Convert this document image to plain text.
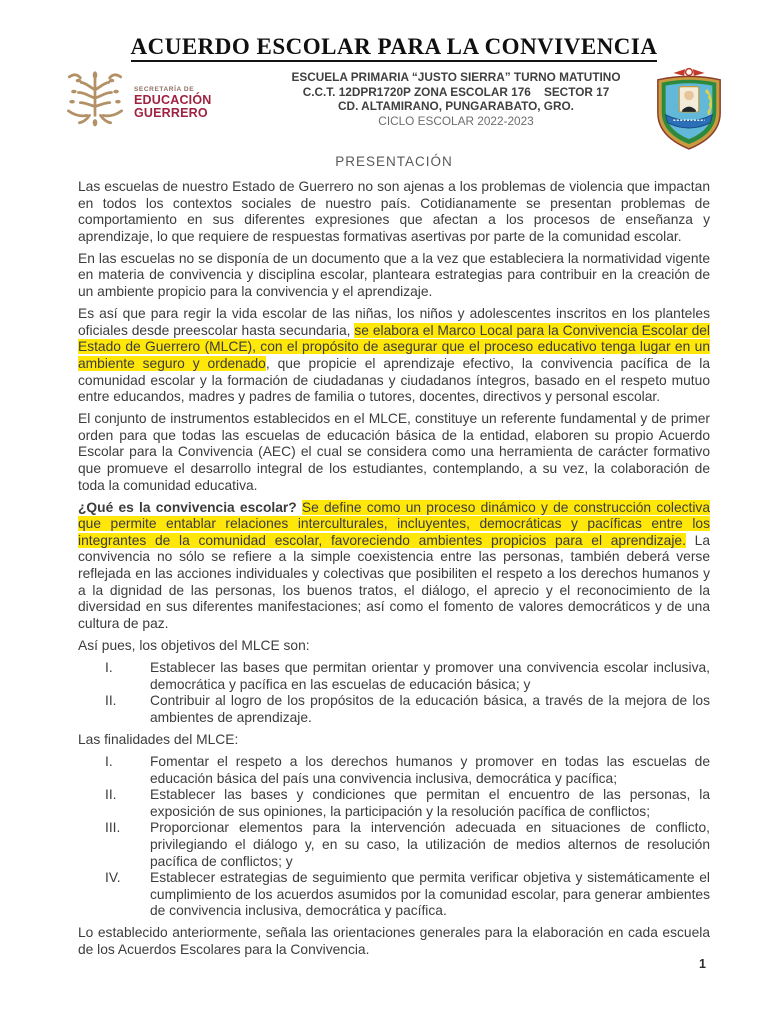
ACUERDO ESCOLAR PARA LA CONVIVENCIA
SECRETARÍA DE
EDUCACIÓN
GUERRERO
ESCUELA PRIMARIA “JUSTO SIERRA” TURNO MATUTINO
C.C.T. 12DPR1720P ZONA ESCOLAR 176    SECTOR 17
CD. ALTAMIRANO, PUNGARABATO, GRO.
CICLO ESCOLAR 2022-2023
PRESENTACIÓN

Las escuelas de nuestro Estado de Guerrero no son ajenas a los problemas de violencia que impactan en todos los contextos sociales de nuestro país. Cotidianamente se presentan problemas de comportamiento en sus diferentes expresiones que afectan a los procesos de enseñanza y aprendizaje, lo que requiere de respuestas formativas asertivas por parte de la comunidad escolar.

En las escuelas no se disponía de un documento que a la vez que estableciera la normatividad vigente en materia de convivencia y disciplina escolar, planteara estrategias para contribuir en la creación de un ambiente propicio para la convivencia y el aprendizaje.

Es así que para regir la vida escolar de las niñas, los niños y adolescentes inscritos en los planteles oficiales desde preescolar hasta secundaria, se elabora el Marco Local para la Convivencia Escolar del Estado de Guerrero (MLCE), con el propósito de asegurar que el proceso educativo tenga lugar en un ambiente seguro y ordenado, que propicie el aprendizaje efectivo, la convivencia pacífica de la comunidad escolar y la formación de ciudadanas y ciudadanos íntegros, basado en el respeto mutuo entre educandos, madres y padres de familia o tutores, docentes, directivos y personal escolar.

El conjunto de instrumentos establecidos en el MLCE, constituye un referente fundamental y de primer orden para que todas las escuelas de educación básica de la entidad, elaboren su propio Acuerdo Escolar para la Convivencia (AEC) el cual se considera como una herramienta de carácter formativo que promueve el desarrollo integral de los estudiantes, contemplando, a su vez, la colaboración de toda la comunidad educativa.

¿Qué es la convivencia escolar? Se define como un proceso dinámico y de construcción colectiva que permite entablar relaciones interculturales, incluyentes, democráticas y pacíficas entre los integrantes de la comunidad escolar, favoreciendo ambientes propicios para el aprendizaje. La convivencia no sólo se refiere a la simple coexistencia entre las personas, también deberá verse reflejada en las acciones individuales y colectivas que posibiliten el respeto a los derechos humanos y a la dignidad de las personas, los buenos tratos, el diálogo, el aprecio y el reconocimiento de la diversidad en sus diferentes manifestaciones; así como el fomento de valores democráticos y de una cultura de paz.

Así pues, los objetivos del MLCE son:

I.	Establecer las bases que permitan orientar y promover una convivencia escolar inclusiva, democrática y pacífica en las escuelas de educación básica; y
II.	Contribuir al logro de los propósitos de la educación básica, a través de la mejora de los ambientes de aprendizaje.

Las finalidades del MLCE:

I.	Fomentar el respeto a los derechos humanos y promover en todas las escuelas de educación básica del país una convivencia inclusiva, democrática y pacífica;
II.	Establecer las bases y condiciones que permitan el encuentro de las personas, la exposición de sus opiniones, la participación y la resolución pacífica de conflictos;
III.	Proporcionar elementos para la intervención adecuada en situaciones de conflicto, privilegiando el diálogo y, en su caso, la utilización de medios alternos de resolución pacífica de conflictos; y
IV.	Establecer estrategias de seguimiento que permita verificar objetiva y sistemáticamente el cumplimiento de los acuerdos asumidos por la comunidad escolar, para generar ambientes de convivencia inclusiva, democrática y pacífica.

Lo establecido anteriormente, señala las orientaciones generales para la elaboración en cada escuela de los Acuerdos Escolares para la Convivencia.

1
